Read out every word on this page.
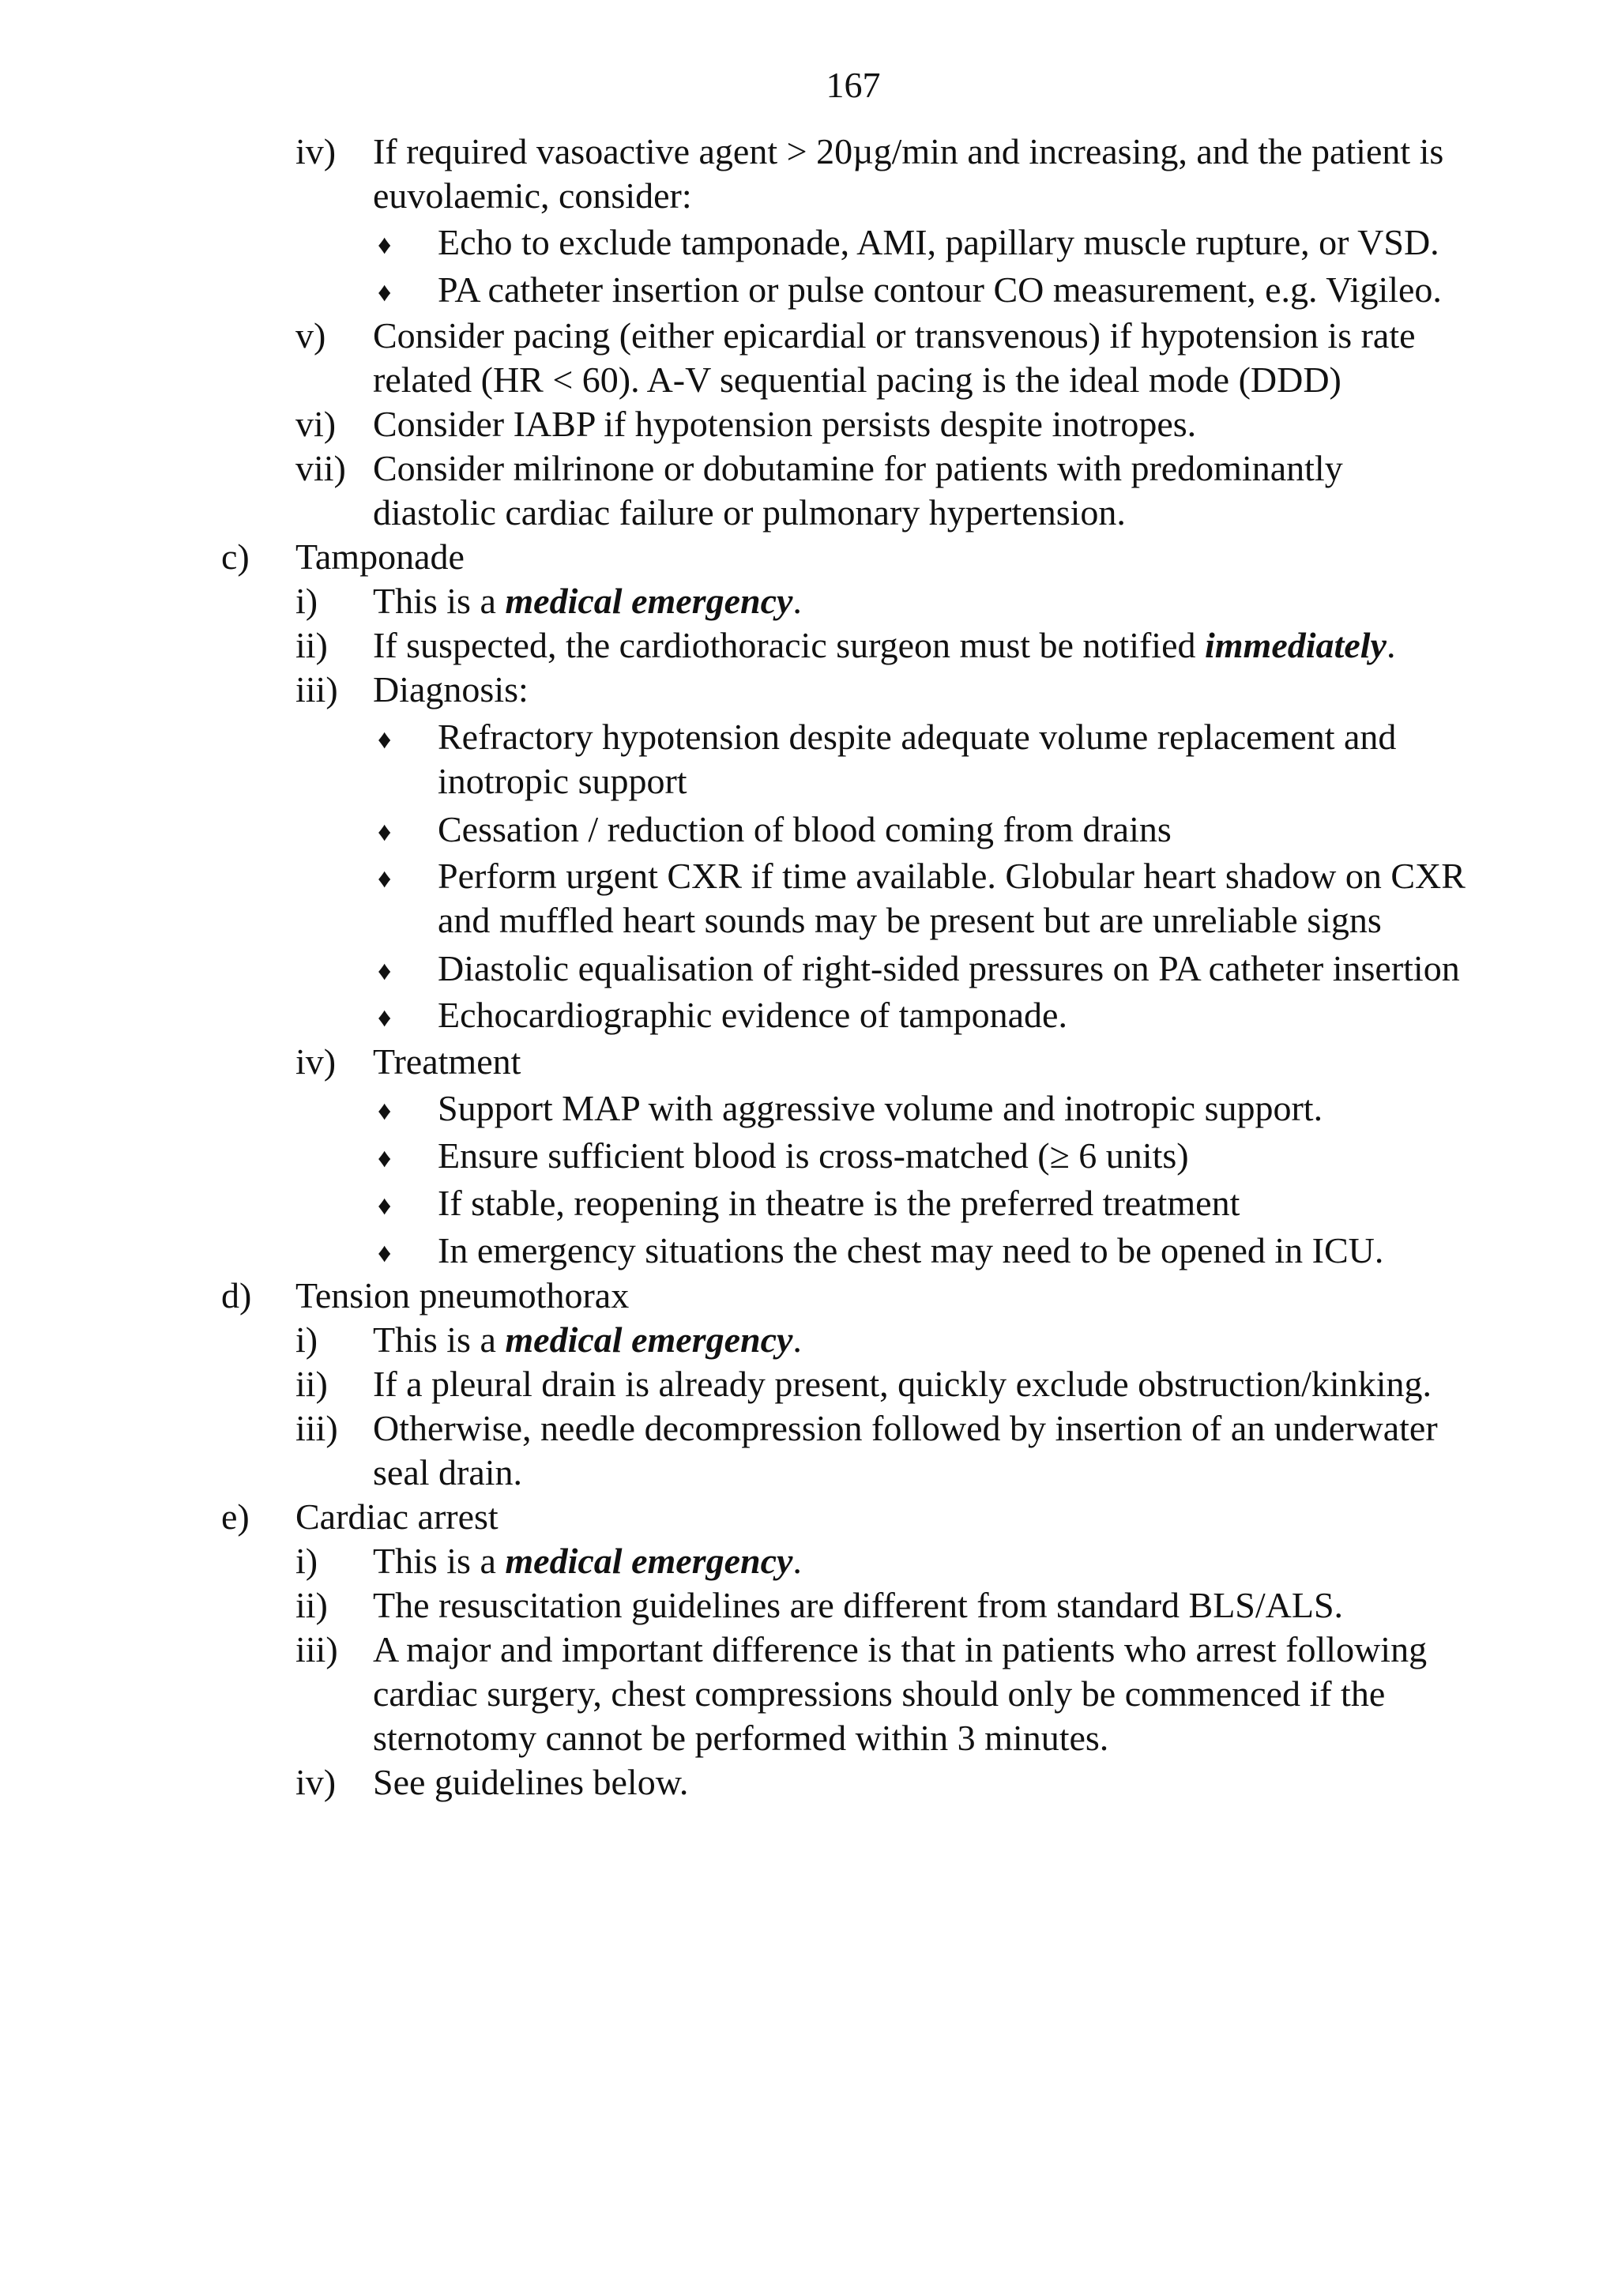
167
iv) If required vasoactive agent > 20µg/min and increasing, and the patient is
euvolaemic, consider:
♦ Echo to exclude tamponade, AMI, papillary muscle rupture, or VSD.
♦ PA catheter insertion or pulse contour CO measurement, e.g. Vigileo.
v) Consider pacing (either epicardial or transvenous) if hypotension is rate
related (HR < 60). A-V sequential pacing is the ideal mode (DDD)
vi) Consider IABP if hypotension persists despite inotropes.
vii) Consider milrinone or dobutamine for patients with predominantly
diastolic cardiac failure or pulmonary hypertension.
c) Tamponade
i) This is a medical emergency.
ii) If suspected, the cardiothoracic surgeon must be notified immediately.
iii) Diagnosis:
♦ Refractory hypotension despite adequate volume replacement and
inotropic support
♦ Cessation / reduction of blood coming from drains
♦ Perform urgent CXR if time available. Globular heart shadow on CXR
and muffled heart sounds may be present but are unreliable signs
♦ Diastolic equalisation of right-sided pressures on PA catheter insertion
♦ Echocardiographic evidence of tamponade.
iv) Treatment
♦ Support MAP with aggressive volume and inotropic support.
♦ Ensure sufficient blood is cross-matched (≥ 6 units)
♦ If stable, reopening in theatre is the preferred treatment
♦ In emergency situations the chest may need to be opened in ICU.
d) Tension pneumothorax
i) This is a medical emergency.
ii) If a pleural drain is already present, quickly exclude obstruction/kinking.
iii) Otherwise, needle decompression followed by insertion of an underwater
seal drain.
e) Cardiac arrest
i) This is a medical emergency.
ii) The resuscitation guidelines are different from standard BLS/ALS.
iii) A major and important difference is that in patients who arrest following
cardiac surgery, chest compressions should only be commenced if the
sternotomy cannot be performed within 3 minutes.
iv) See guidelines below.
